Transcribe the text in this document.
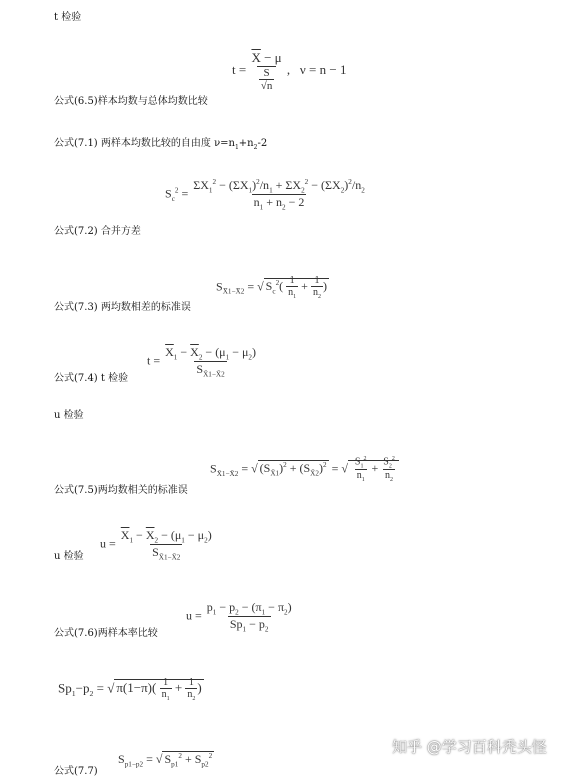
t 检验
$t = \frac{\overline{X} - \mu}{\frac{S}{√n}}$ ,   ν = n − 1
公式(6.5)样本均数与总体均数比较
公式(7.1) 两样本均数比较的自由度 $\nu=n_1+n_2-2$
$S_c^2 = \frac{\Sigma X_1^2 - (\Sigma X_1)^2/n_1 + \Sigma X_2^2 - (\Sigma X_2)^2/n_2}{n_1 + n_2 - 2}$
公式(7.2) 合并方差
$S_{X̄1-X̄2}$ = √ $S_c^2( \frac{1}{n_1} + \frac{1}{n_2}$ )
公式(7.3) 两均数相差的标准误
$t = \frac{\overline{X}_1 - \overline{X}_2 - (\mu_1 - \mu_2)}{S_{X̄1-X̄2}}$
公式(7.4) t 检验
u 检验
$S_{X̄1-X̄2}$ = √ $(S_{X̄1})^2 + (S_{X̄2})^2$ = √ $\frac{S_1^2}{n_1} + \frac{S_2^2}{n_2}$
公式(7.5)两均数相关的标准误
$u = \frac{\overline{X}_1 - \overline{X}_2 - (\mu_1 - \mu_2)}{S_{X̄1-X̄2}}$
u 检验
$u = \frac{p_1 - p_2 - (\pi_1 - \pi_2)}{Sp_1 - p_2}$
公式(7.6)两样本率比较
$Sp_1-p_2$ = √ $\pi(1-\pi)( \frac{1}{n_1} + \frac{1}{n_2}$ )
$S_{p1-p2}$ = √ $S_{p1}^2 + S_{p2}^2$
公式(7.7)
知乎 @学习百科秃头怪
